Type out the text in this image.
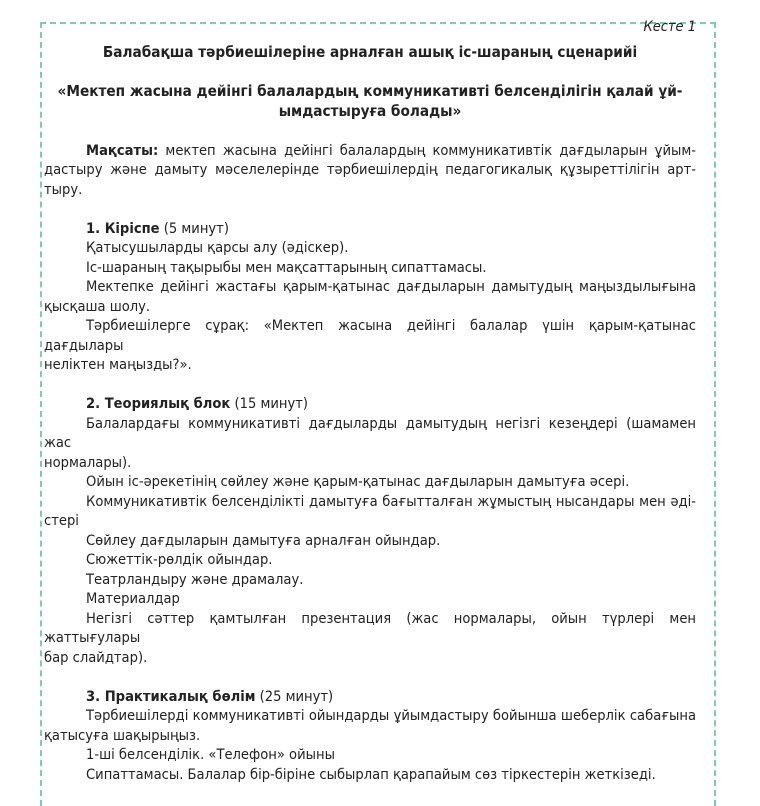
Кесте 1
Балабақша тәрбиешілеріне арналған ашық іс-шараның сценарийі
«Мектеп жасына дейінгі балалардың коммуникативті белсенділігін қалай ұй-
ымдастыруға болады»
Мақсаты: мектеп жасына дейінгі балалардың коммуникативтік дағдыларын ұйым-
дастыру және дамыту мәселелерінде тәрбиешілердің педагогикалық құзыреттілігін арт-
тыру.
1. Кіріспе (5 минут)
Қатысушыларды қарсы алу (әдіскер).
Іс-шараның тақырыбы мен мақсаттарының сипаттамасы.
Мектепке дейінгі жастағы қарым-қатынас дағдыларын дамытудың маңыздылығына
қысқаша шолу.
Тәрбиешілерге сұрақ: «Мектеп жасына дейінгі балалар үшін қарым-қатынас дағдылары
неліктен маңызды?».
2. Теориялық блок (15 минут)
Балалардағы коммуникативті дағдыларды дамытудың негізгі кезеңдері (шамамен жас
нормалары).
Ойын іс-әрекетінің сөйлеу және қарым-қатынас дағдыларын дамытуға әсері.
Коммуникативтік белсенділікті дамытуға бағытталған жұмыстың нысандары мен әді-
стері
Сөйлеу дағдыларын дамытуға арналған ойындар.
Сюжеттік-рөлдік ойындар.
Театрландыру және драмалау.
Материалдар
Негізгі сәттер қамтылған презентация (жас нормалары, ойын түрлері мен жаттығулары
бар слайдтар).
3. Практикалық бөлім (25 минут)
Тәрбиешілерді коммуникативті ойындарды ұйымдастыру бойынша шеберлік сабағына
қатысуға шақырыңыз.
1-ші белсенділік. «Телефон» ойыны
Сипаттамасы. Балалар бір-біріне сыбырлап қарапайым сөз тіркестерін жеткізеді.
